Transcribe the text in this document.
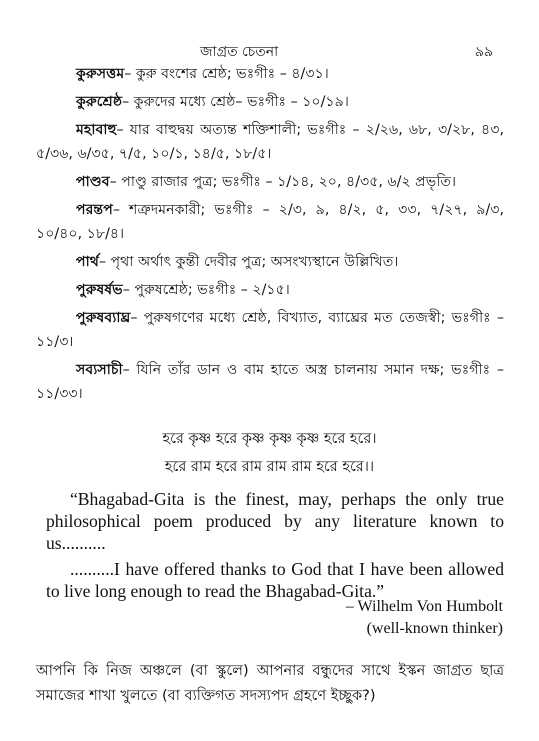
জাগ্রত চেতনা	৯৯

কুরুসত্তম– কুরু বংশের শ্রেষ্ঠ; ভঃগীঃ – ৪/৩১।

কুরুশ্রেষ্ঠ– কুরুদের মধ্যে শ্রেষ্ঠ– ভঃগীঃ – ১০/১৯।

মহাবাহু– যার বাহুদ্বয় অত্যন্ত শক্তিশালী; ভঃগীঃ – ২/২৬, ৬৮, ৩/২৮, ৪৩, ৫/৩৬, ৬/৩৫, ৭/৫, ১০/১, ১৪/৫, ১৮/৫।

পাণ্ডব– পাণ্ডু রাজার পুত্র; ভঃগীঃ – ১/১৪, ২০, ৪/৩৫, ৬/২ প্রভৃতি।

পরন্তপ– শত্রুদমনকারী; ভঃগীঃ – ২/৩, ৯, ৪/২, ৫, ৩৩, ৭/২৭, ৯/৩, ১০/৪০, ১৮/৪।

পার্থ– পৃথা অর্থাৎ কুন্তী দেবীর পুত্র; অসংখ্যস্থানে উল্লিখিত।

পুরুষর্ষভ– পুরুষশ্রেষ্ঠ; ভঃগীঃ – ২/১৫।

পুরুষব্যাঘ্র– পুরুষগণের মধ্যে শ্রেষ্ঠ, বিখ্যাত, ব্যাঘ্রের মত তেজস্বী; ভঃগীঃ – ১১/৩।

সব্যসাচী– যিনি তাঁর ডান ও বাম হাতে অস্ত্র চালনায় সমান দক্ষ; ভঃগীঃ – ১১/৩৩।

হরে কৃষ্ণ হরে কৃষ্ণ কৃষ্ণ কৃষ্ণ হরে হরে।
হরে রাম হরে রাম রাম রাম হরে হরে।।

“Bhagabad-Gita is the finest, may, perhaps the only true philosophical poem produced by any literature known to us..........

..........I have offered thanks to God that I have been allowed to live long enough to read the Bhagabad-Gita.”

– Wilhelm Von Humbolt
(well-known thinker)

আপনি কি নিজ অঞ্চলে (বা স্কুলে) আপনার বন্ধুদের সাথে ইস্কন জাগ্রত ছাত্র সমাজের শাখা খুলতে (বা ব্যক্তিগত সদস্যপদ গ্রহণে ইচ্ছুক?)
